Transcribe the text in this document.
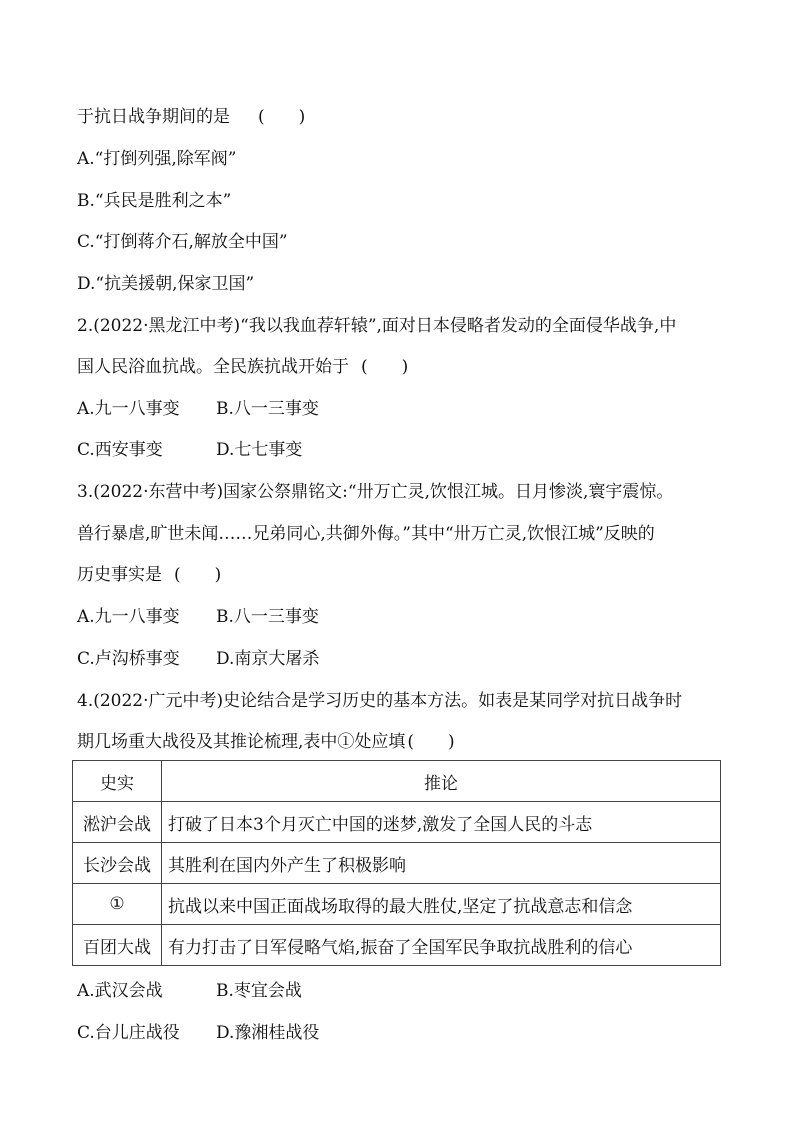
于抗日战争期间的是 (　　)
A.“打倒列强,除军阀”
B.“兵民是胜利之本”
C.“打倒蒋介石,解放全中国”
D.“抗美援朝,保家卫国”
2.(2022·黑龙江中考)“我以我血荐轩辕”,面对日本侵略者发动的全面侵华战争,中
国人民浴血抗战。全民族抗战开始于 (　　)
A.九一八事变 B.八一三事变
C.西安事变	D.七七事变
3.(2022·东营中考)国家公祭鼎铭文:“卅万亡灵,饮恨江城。日月惨淡,寰宇震惊。
兽行暴虐,旷世未闻……兄弟同心,共御外侮。”其中“卅万亡灵,饮恨江城”反映的
历史事实是 (　　)
A.九一八事变 B.八一三事变
C.卢沟桥事变 D.南京大屠杀
4.(2022·广元中考)史论结合是学习历史的基本方法。如表是某同学对抗日战争时
期几场重大战役及其推论梳理,表中①处应填 (　　)
史实	推论
淞沪会战	打破了日本3个月灭亡中国的迷梦,激发了全国人民的斗志
长沙会战	其胜利在国内外产生了积极影响
①	抗战以来中国正面战场取得的最大胜仗,坚定了抗战意志和信念
百团大战	有力打击了日军侵略气焰,振奋了全国军民争取抗战胜利的信心
A.武汉会战	B.枣宜会战
C.台儿庄战役 D.豫湘桂战役
